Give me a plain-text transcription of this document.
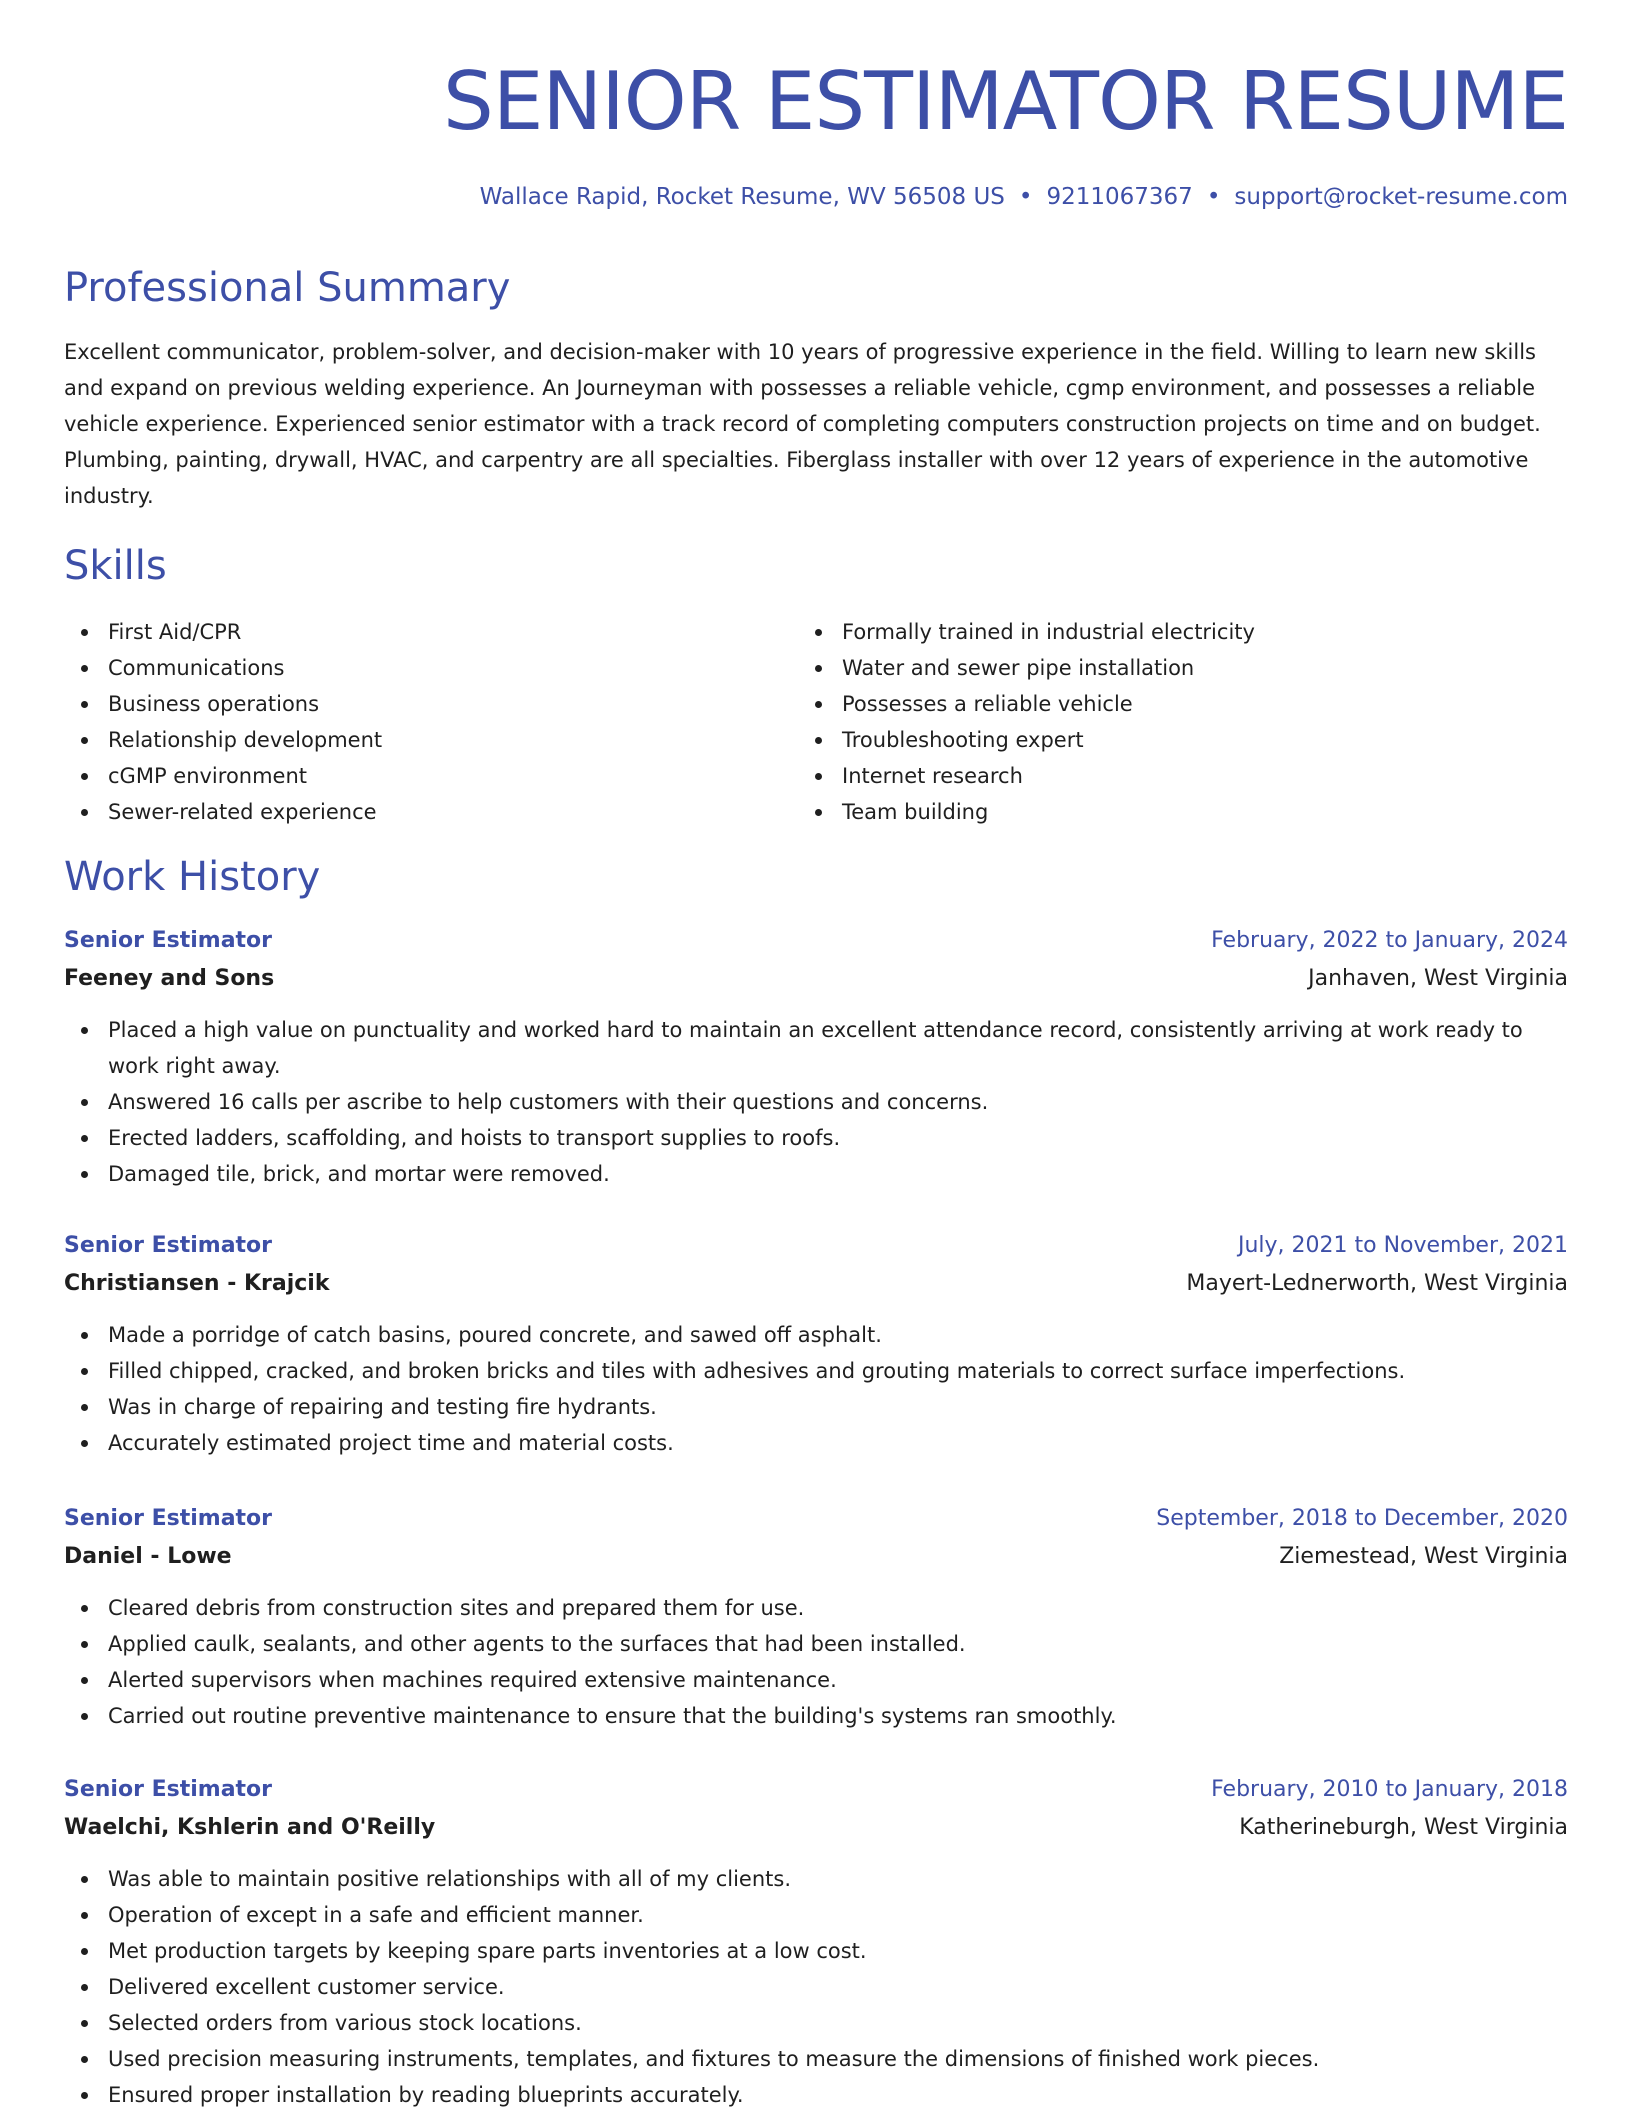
SENIOR ESTIMATOR RESUME
Wallace Rapid, Rocket Resume, WV 56508 US • 9211067367 • support@rocket-resume.com
Professional Summary

Excellent communicator, problem-solver, and decision-maker with 10 years of progressive experience in the field. Willing to learn new skills and expand on previous welding experience. An Journeyman with possesses a reliable vehicle, cgmp environment, and possesses a reliable vehicle experience. Experienced senior estimator with a track record of completing computers construction projects on time and on budget. Plumbing, painting, drywall, HVAC, and carpentry are all specialties. Fiberglass installer with over 12 years of experience in the automotive industry.

Skills
First Aid/CPR
Communications
Business operations
Relationship development
cGMP environment
Sewer-related experience
Formally trained in industrial electricity
Water and sewer pipe installation
Possesses a reliable vehicle
Troubleshooting expert
Internet research
Team building
Work History
Senior Estimator	February, 2022 to January, 2024
Feeney and Sons	Janhaven, West Virginia
Placed a high value on punctuality and worked hard to maintain an excellent attendance record, consistently arriving at work ready to work right away.
Answered 16 calls per ascribe to help customers with their questions and concerns.
Erected ladders, scaffolding, and hoists to transport supplies to roofs.
Damaged tile, brick, and mortar were removed.
Senior Estimator	July, 2021 to November, 2021
Christiansen - Krajcik	Mayert-Lednerworth, West Virginia
Made a porridge of catch basins, poured concrete, and sawed off asphalt.
Filled chipped, cracked, and broken bricks and tiles with adhesives and grouting materials to correct surface imperfections.
Was in charge of repairing and testing fire hydrants.
Accurately estimated project time and material costs.
Senior Estimator	September, 2018 to December, 2020
Daniel - Lowe	Ziemestead, West Virginia
Cleared debris from construction sites and prepared them for use.
Applied caulk, sealants, and other agents to the surfaces that had been installed.
Alerted supervisors when machines required extensive maintenance.
Carried out routine preventive maintenance to ensure that the building's systems ran smoothly.
Senior Estimator	February, 2010 to January, 2018
Waelchi, Kshlerin and O'Reilly	Katherineburgh, West Virginia
Was able to maintain positive relationships with all of my clients.
Operation of except in a safe and efficient manner.
Met production targets by keeping spare parts inventories at a low cost.
Delivered excellent customer service.
Selected orders from various stock locations.
Used precision measuring instruments, templates, and fixtures to measure the dimensions of finished work pieces.
Ensured proper installation by reading blueprints accurately.
